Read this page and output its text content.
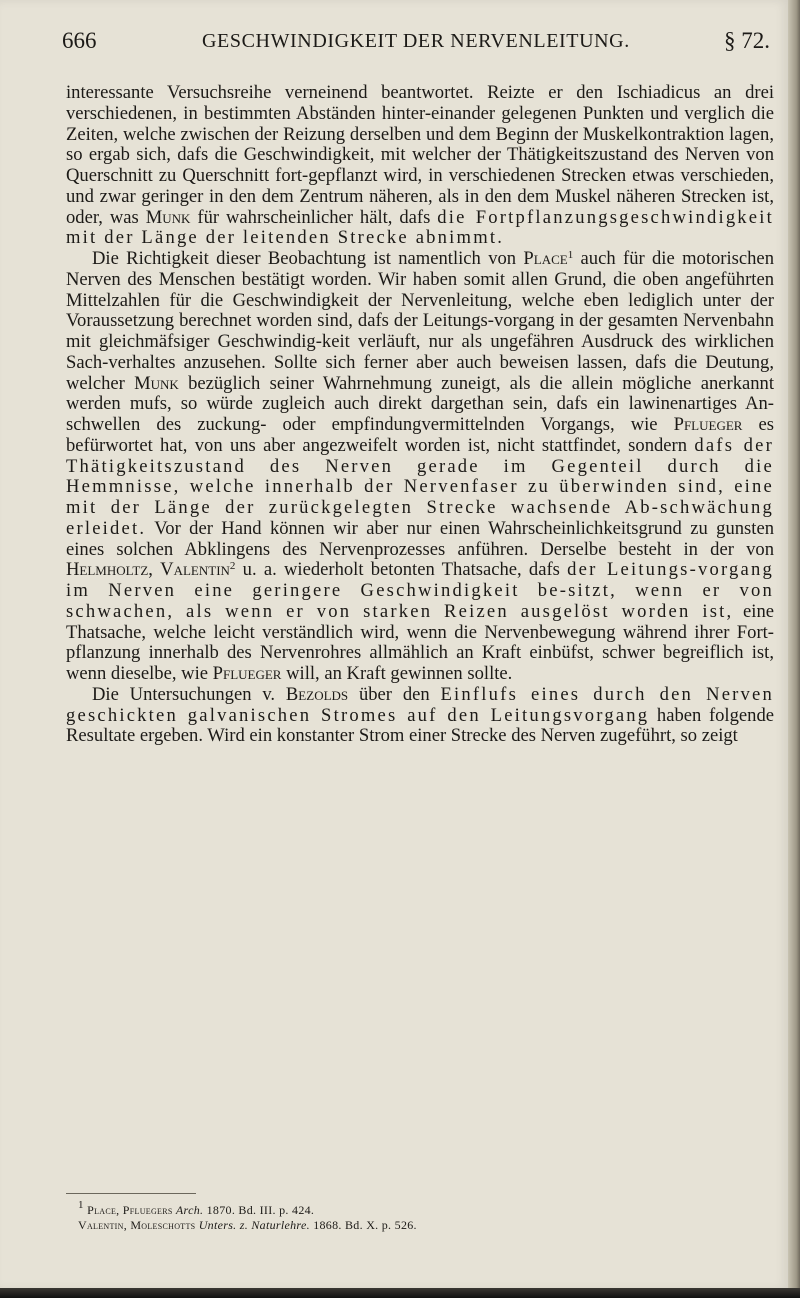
666	GESCHWINDIGKEIT DER NERVENLEITUNG.	§ 72.

interessante Versuchsreihe verneinend beantwortet. Reizte er den Ischiadicus an drei verschiedenen, in bestimmten Abständen hinter-einander gelegenen Punkten und verglich die Zeiten, welche zwischen der Reizung derselben und dem Beginn der Muskelkontraktion lagen, so ergab sich, dafs die Geschwindigkeit, mit welcher der Thätigkeitszustand des Nerven von Querschnitt zu Querschnitt fort-gepflanzt wird, in verschiedenen Strecken etwas verschieden, und zwar geringer in den dem Zentrum näheren, als in den dem Muskel näheren Strecken ist, oder, was Munk für wahrscheinlicher hält, dafs die Fortpflanzungsgeschwindigkeit mit der Länge der leitenden Strecke abnimmt.

Die Richtigkeit dieser Beobachtung ist namentlich von Place$^1$ auch für die motorischen Nerven des Menschen bestätigt worden. Wir haben somit allen Grund, die oben angeführten Mittelzahlen für die Geschwindigkeit der Nervenleitung, welche eben lediglich unter der Voraussetzung berechnet worden sind, dafs der Leitungs-vorgang in der gesamten Nervenbahn mit gleichmäfsiger Geschwindig-keit verläuft, nur als ungefähren Ausdruck des wirklichen Sach-verhaltes anzusehen. Sollte sich ferner aber auch beweisen lassen, dafs die Deutung, welcher Munk bezüglich seiner Wahrnehmung zuneigt, als die allein mögliche anerkannt werden mufs, so würde zugleich auch direkt dargethan sein, dafs ein lawinenartiges An-schwellen des zuckung- oder empfindungvermittelnden Vorgangs, wie Pflueger es befürwortet hat, von uns aber angezweifelt worden ist, nicht stattfindet, sondern dafs der Thätigkeitszustand des Nerven gerade im Gegenteil durch die Hemmnisse, welche innerhalb der Nervenfaser zu überwinden sind, eine mit der Länge der zurückgelegten Strecke wachsende Ab-schwächung erleidet. Vor der Hand können wir aber nur einen Wahrscheinlichkeitsgrund zu gunsten eines solchen Abklingens des Nervenprozesses anführen. Derselbe besteht in der von Helmholtz, Valentin$^2$ u. a. wiederholt betonten Thatsache, dafs der Leitungs-vorgang im Nerven eine geringere Geschwindigkeit be-sitzt, wenn er von schwachen, als wenn er von starken Reizen ausgelöst worden ist, eine Thatsache, welche leicht verständlich wird, wenn die Nervenbewegung während ihrer Fort-pflanzung innerhalb des Nervenrohres allmählich an Kraft einbüfst, schwer begreiflich ist, wenn dieselbe, wie Pflueger will, an Kraft gewinnen sollte.

Die Untersuchungen v. Bezolds über den Einflufs eines durch den Nerven geschickten galvanischen Stromes auf den Leitungsvorgang haben folgende Resultate ergeben. Wird ein konstanter Strom einer Strecke des Nerven zugeführt, so zeigt

$^1$ Place, Pfluegers Arch. 1870. Bd. III. p. 424.
Valentin, Moleschotts Unters. z. Naturlehre. 1868. Bd. X. p. 526.
